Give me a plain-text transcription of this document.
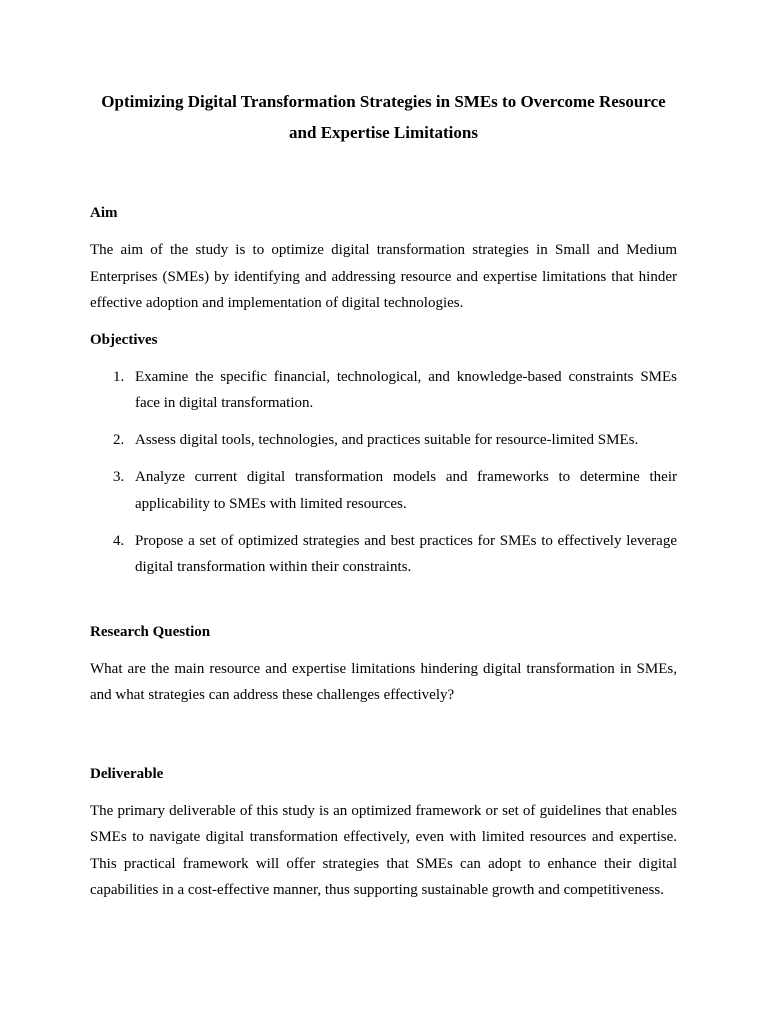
Optimizing Digital Transformation Strategies in SMEs to Overcome Resource and Expertise Limitations
Aim

The aim of the study is to optimize digital transformation strategies in Small and Medium Enterprises (SMEs) by identifying and addressing resource and expertise limitations that hinder effective adoption and implementation of digital technologies.

Objectives
1. Examine the specific financial, technological, and knowledge-based constraints SMEs face in digital transformation.
2. Assess digital tools, technologies, and practices suitable for resource-limited SMEs.
3. Analyze current digital transformation models and frameworks to determine their applicability to SMEs with limited resources.
4. Propose a set of optimized strategies and best practices for SMEs to effectively leverage digital transformation within their constraints.
Research Question

What are the main resource and expertise limitations hindering digital transformation in SMEs, and what strategies can address these challenges effectively?

Deliverable

The primary deliverable of this study is an optimized framework or set of guidelines that enables SMEs to navigate digital transformation effectively, even with limited resources and expertise. This practical framework will offer strategies that SMEs can adopt to enhance their digital capabilities in a cost-effective manner, thus supporting sustainable growth and competitiveness.
